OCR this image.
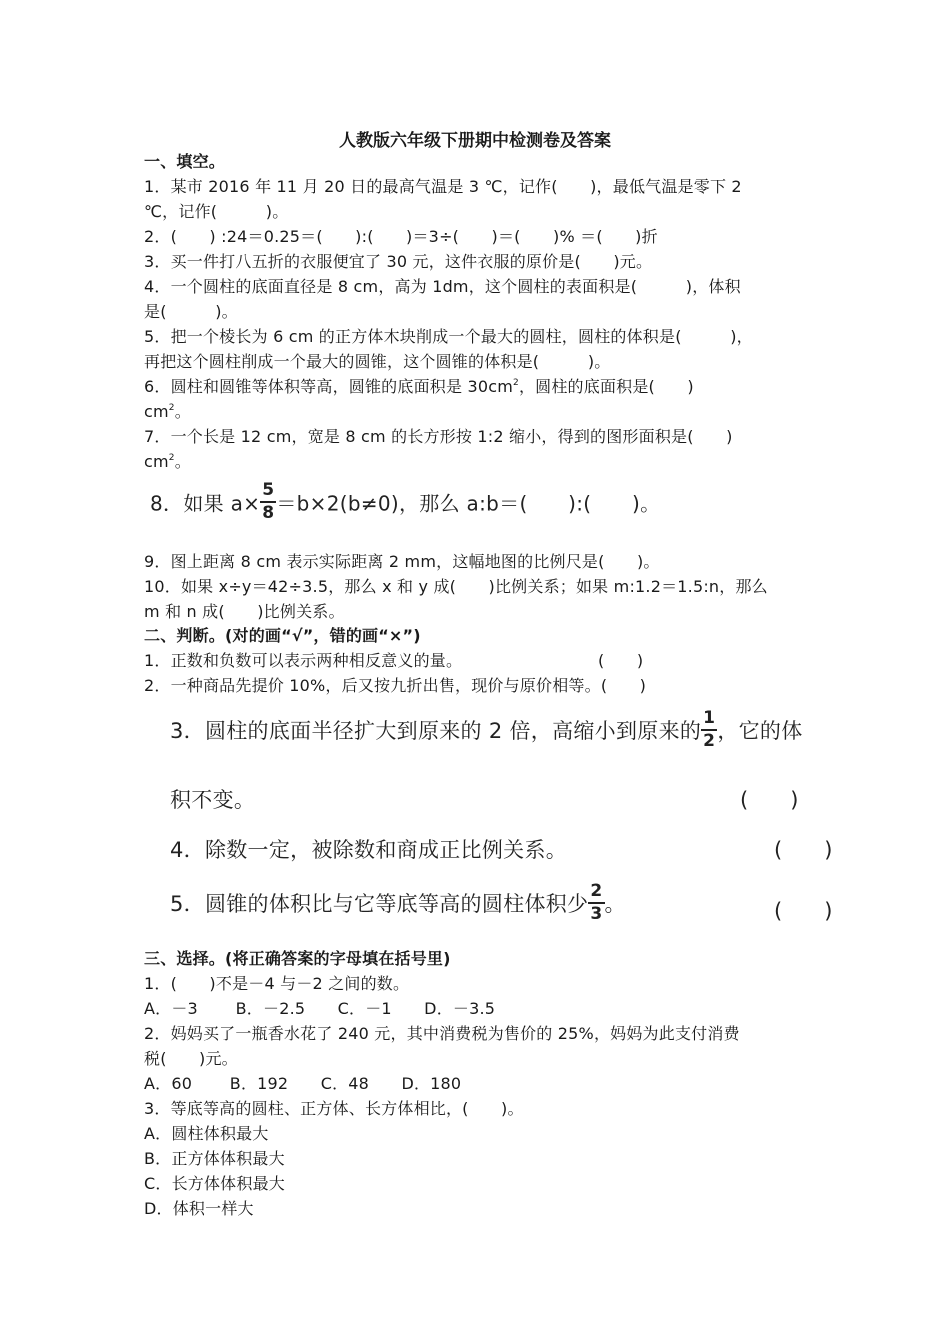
人教版六年级下册期中检测卷及答案
一、填空。
1．某市 2016 年 11 月 20 日的最高气温是 3 ℃，记作(　　)，最低气温是零下 2
℃，记作(　　　)。
2．(　　) :24＝0.25＝(　　):(　　)＝3÷(　　)＝(　　)% ＝(　　)折
3．买一件打八五折的衣服便宜了 30 元，这件衣服的原价是(　　)元。
4．一个圆柱的底面直径是 8 cm，高为 1dm，这个圆柱的表面积是(　　　)，体积
是(　　　)。
5．把一个棱长为 6 cm 的正方体木块削成一个最大的圆柱，圆柱的体积是(　　　)，
再把这个圆柱削成一个最大的圆锥，这个圆锥的体积是(　　　)。
6．圆柱和圆锥等体积等高，圆锥的底面积是 $30cm^2$，圆柱的底面积是(　　)
$cm^2$。
7．一个长是 12 cm，宽是 8 cm 的长方形按 1:2 缩小，得到的图形面积是(　　)
$cm^2$。
8．如果 $a\times \frac{5}{8} =b\times 2(b\ne 0)$，那么 a:b＝(　　):(　　)。
9．图上距离 8 cm 表示实际距离 2 mm，这幅地图的比例尺是(　　)。
10．如果 x÷y＝42÷3.5，那么 x 和 y 成(　　)比例关系；如果 m:1.2＝1.5:n，那么
m 和 n 成(　　)比例关系。
二、判断。(对的画“√”，错的画“×”)
1．正数和负数可以表示两种相反意义的量。	(　　)
2．一种商品先提价 10%，后又按九折出售，现价与原价相等。(　　)
3．圆柱的底面半径扩大到原来的 2 倍，高缩小到原来的 $\frac{1}{2}$ ，它的体
积不变。	(　　)
4．除数一定，被除数和商成正比例关系。	(　　)
5．圆锥的体积比与它等底等高的圆柱体积少 $\frac{2}{3}$ 。	(　　)
三、选择。(将正确答案的字母填在括号里)
1．(　　)不是－4 与－2 之间的数。
A．－3　　 B．－2.5　　C．－1　　D．－3.5
2．妈妈买了一瓶香水花了 240 元，其中消费税为售价的 25%，妈妈为此支付消费
税(　　)元。
A．60　　 B．192　　C．48　　D．180
3．等底等高的圆柱、正方体、长方体相比，(　　)。
A．圆柱体积最大
B．正方体体积最大
C．长方体体积最大
D．体积一样大
